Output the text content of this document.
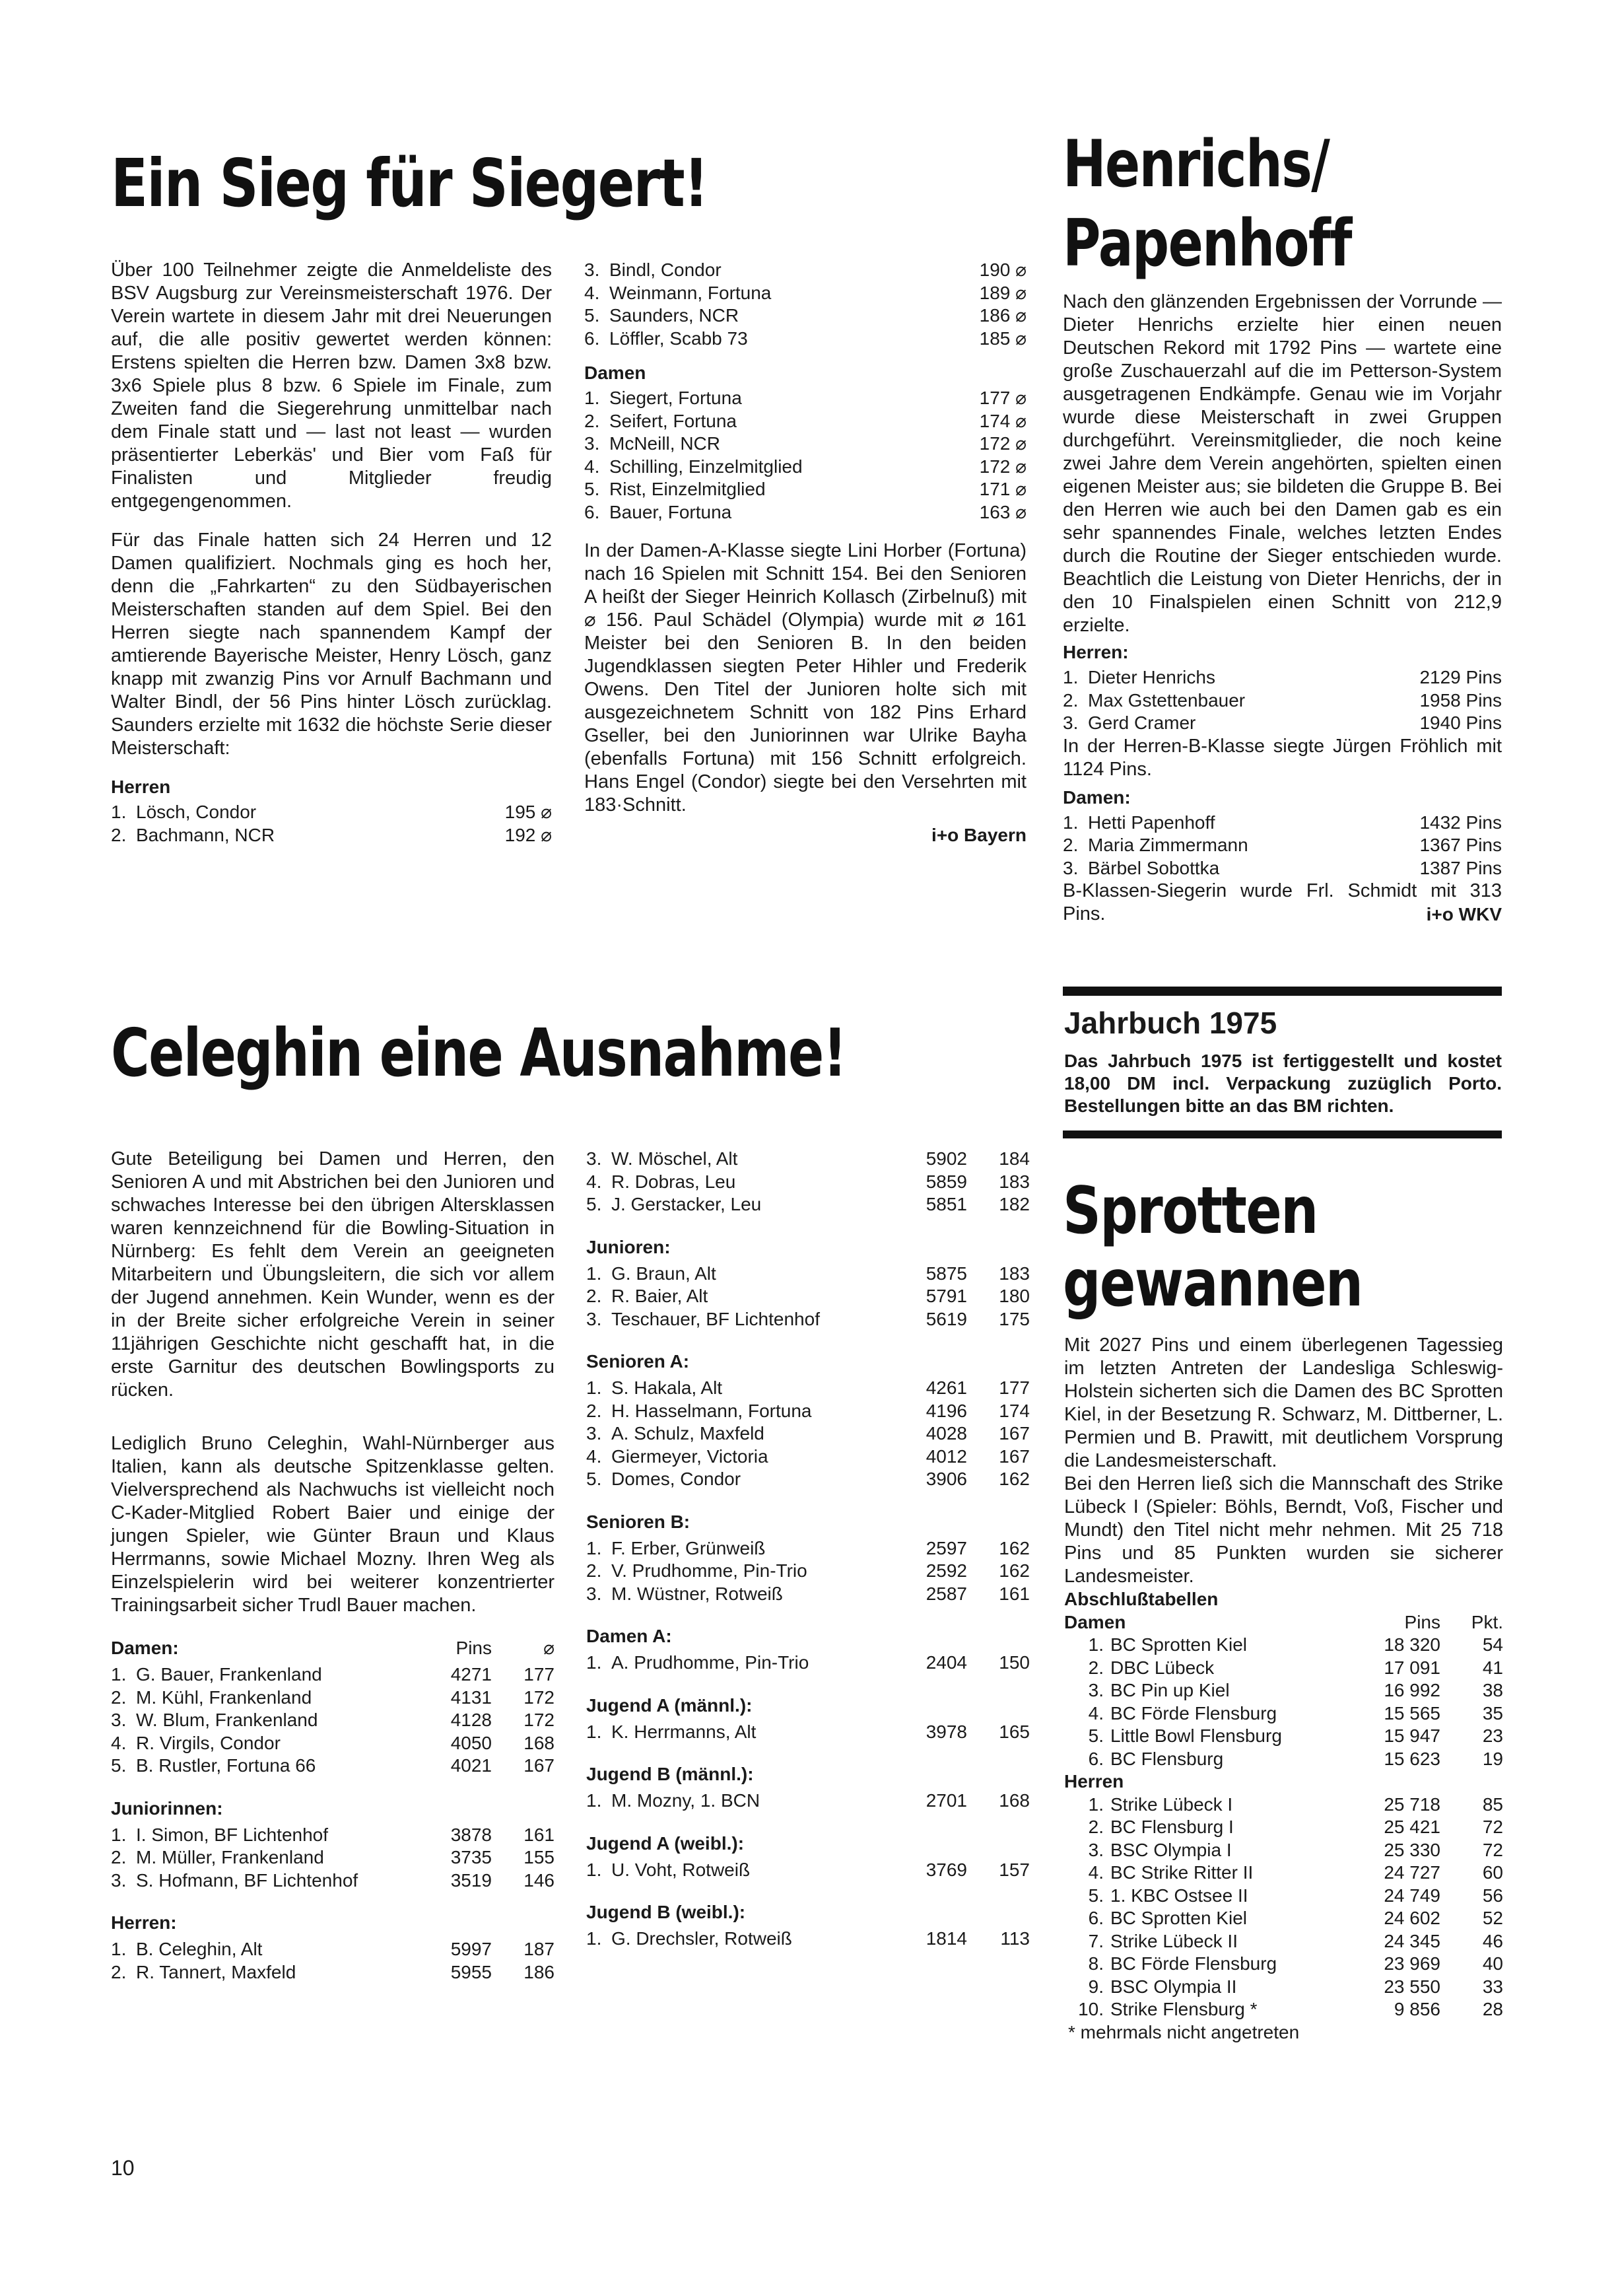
Ein Sieg für Siegert!

Über 100 Teilnehmer zeigte die Anmeldeliste des BSV Augsburg zur Vereinsmeisterschaft 1976. Der Verein wartete in diesem Jahr mit drei Neuerungen auf, die alle positiv gewertet werden können: Erstens spielten die Herren bzw. Damen 3x8 bzw. 3x6 Spiele plus 8 bzw. 6 Spiele im Finale, zum Zweiten fand die Siegerehrung unmittelbar nach dem Finale statt und — last not least — wurden präsentierter Leberkäs' und Bier vom Faß für Finalisten und Mitglieder freudig entgegengenommen.

Für das Finale hatten sich 24 Herren und 12 Damen qualifiziert. Nochmals ging es hoch her, denn die „Fahrkarten“ zu den Südbayerischen Meisterschaften standen auf dem Spiel. Bei den Herren siegte nach spannendem Kampf der amtierende Bayerische Meister, Henry Lösch, ganz knapp mit zwanzig Pins vor Arnulf Bachmann und Walter Bindl, der 56 Pins hinter Lösch zurücklag. Saunders erzielte mit 1632 die höchste Serie dieser Meisterschaft:

Herren
1. Lösch, Condor	195 ⌀
2. Bachmann, NCR	192 ⌀
3. Bindl, Condor	190 ⌀
4. Weinmann, Fortuna	189 ⌀
5. Saunders, NCR	186 ⌀
6. Löffler, Scabb 73	185 ⌀
Damen
1. Siegert, Fortuna	177 ⌀
2. Seifert, Fortuna	174 ⌀
3. McNeill, NCR	172 ⌀
4. Schilling, Einzelmitglied	172 ⌀
5. Rist, Einzelmitglied	171 ⌀
6. Bauer, Fortuna	163 ⌀
In der Damen-A-Klasse siegte Lini Horber (Fortuna) nach 16 Spielen mit Schnitt 154. Bei den Senioren A heißt der Sieger Heinrich Kollasch (Zirbelnuß) mit ⌀ 156. Paul Schädel (Olympia) wurde mit ⌀ 161 Meister bei den Senioren B. In den beiden Jugendklassen siegten Peter Hihler und Frederik Owens. Den Titel der Junioren holte sich mit ausgezeichnetem Schnitt von 182 Pins Erhard Gseller, bei den Juniorinnen war Ulrike Bayha (ebenfalls Fortuna) mit 156 Schnitt erfolgreich. Hans Engel (Condor) siegte bei den Versehrten mit 183·Schnitt.
i+o Bayern
Henrichs/
Papenhoff
Nach den glänzenden Ergebnissen der Vorrunde — Dieter Henrichs erzielte hier einen neuen Deutschen Rekord mit 1792 Pins — wartete eine große Zuschauerzahl auf die im Petterson-System ausgetragenen Endkämpfe. Genau wie im Vorjahr wurde diese Meisterschaft in zwei Gruppen durchgeführt. Vereinsmitglieder, die noch keine zwei Jahre dem Verein angehörten, spielten einen eigenen Meister aus; sie bildeten die Gruppe B. Bei den Herren wie auch bei den Damen gab es ein sehr spannendes Finale, welches letzten Endes durch die Routine der Sieger entschieden wurde. Beachtlich die Leistung von Dieter Henrichs, der in den 10 Finalspielen einen Schnitt von 212,9 erzielte.
Herren:
1. Dieter Henrichs	2129 Pins
2. Max Gstettenbauer	1958 Pins
3. Gerd Cramer	1940 Pins
In der Herren-B-Klasse siegte Jürgen Fröhlich mit 1124 Pins.
Damen:
1. Hetti Papenhoff	1432 Pins
2. Maria Zimmermann	1367 Pins
3. Bärbel Sobottka	1387 Pins
B-Klassen-Siegerin wurde Frl. Schmidt mit 313 Pins.	i+o WKV
Celeghin eine Ausnahme!
Gute Beteiligung bei Damen und Herren, den Senioren A und mit Abstrichen bei den Junioren und schwaches Interesse bei den übrigen Altersklassen waren kennzeichnend für die Bowling-Situation in Nürnberg: Es fehlt dem Verein an geeigneten Mitarbeitern und Übungsleitern, die sich vor allem der Jugend annehmen. Kein Wunder, wenn es der in der Breite sicher erfolgreiche Verein in seiner 11jährigen Geschichte nicht geschafft hat, in die erste Garnitur des deutschen Bowlingsports zu rücken.
Lediglich Bruno Celeghin, Wahl-Nürnberger aus Italien, kann als deutsche Spitzenklasse gelten. Vielversprechend als Nachwuchs ist vielleicht noch C-Kader-Mitglied Robert Baier und einige der jungen Spieler, wie Günter Braun und Klaus Herrmanns, sowie Michael Mozny. Ihren Weg als Einzelspielerin wird bei weiterer konzentrierter Trainingsarbeit sicher Trudl Bauer machen.
Damen:	Pins	⌀
1. G. Bauer, Frankenland	4271	177
2. M. Kühl, Frankenland	4131	172
3. W. Blum, Frankenland	4128	172
4. R. Virgils, Condor	4050	168
5. B. Rustler, Fortuna 66	4021	167
Juniorinnen:
1. I. Simon, BF Lichtenhof	3878	161
2. M. Müller, Frankenland	3735	155
3. S. Hofmann, BF Lichtenhof	3519	146
Herren:
1. B. Celeghin, Alt	5997	187
2. R. Tannert, Maxfeld	5955	186
3. W. Möschel, Alt	5902	184
4. R. Dobras, Leu	5859	183
5. J. Gerstacker, Leu	5851	182
Junioren:
1. G. Braun, Alt	5875	183
2. R. Baier, Alt	5791	180
3. Teschauer, BF Lichtenhof	5619	175
Senioren A:
1. S. Hakala, Alt	4261	177
2. H. Hasselmann, Fortuna	4196	174
3. A. Schulz, Maxfeld	4028	167
4. Giermeyer, Victoria	4012	167
5. Domes, Condor	3906	162
Senioren B:
1. F. Erber, Grünweiß	2597	162
2. V. Prudhomme, Pin-Trio	2592	162
3. M. Wüstner, Rotweiß	2587	161
Damen A:
1. A. Prudhomme, Pin-Trio	2404	150
Jugend A (männl.):
1. K. Herrmanns, Alt	3978	165
Jugend B (männl.):
1. M. Mozny, 1. BCN	2701	168
Jugend A (weibl.):
1. U. Voht, Rotweiß	3769	157
Jugend B (weibl.):
1. G. Drechsler, Rotweiß	1814	113
Jahrbuch 1975
Das Jahrbuch 1975 ist fertiggestellt und kostet 18,00 DM incl. Verpackung zuzüglich Porto. Bestellungen bitte an das BM richten.
Sprotten
gewannen
Mit 2027 Pins und einem überlegenen Tagessieg im letzten Antreten der Landesliga Schleswig-Holstein sicherten sich die Damen des BC Sprotten Kiel, in der Besetzung R. Schwarz, M. Dittberner, L. Permien und B. Prawitt, mit deutlichem Vorsprung die Landesmeisterschaft.
Bei den Herren ließ sich die Mannschaft des Strike Lübeck I (Spieler: Böhls, Berndt, Voß, Fischer und Mundt) den Titel nicht mehr nehmen. Mit 25 718 Pins und 85 Punkten wurden sie sicherer Landesmeister.
Abschlußtabellen
Damen	Pins	Pkt.
1. BC Sprotten Kiel	18 320	54
2. DBC Lübeck	17 091	41
3. BC Pin up Kiel	16 992	38
4. BC Förde Flensburg	15 565	35
5. Little Bowl Flensburg	15 947	23
6. BC Flensburg	15 623	19
Herren
1. Strike Lübeck I	25 718	85
2. BC Flensburg I	25 421	72
3. BSC Olympia I	25 330	72
4. BC Strike Ritter II	24 727	60
5. 1. KBC Ostsee II	24 749	56
6. BC Sprotten Kiel	24 602	52
7. Strike Lübeck II	24 345	46
8. BC Förde Flensburg	23 969	40
9. BSC Olympia II	23 550	33
10. Strike Flensburg *	9 856	28
* mehrmals nicht angetreten
10
